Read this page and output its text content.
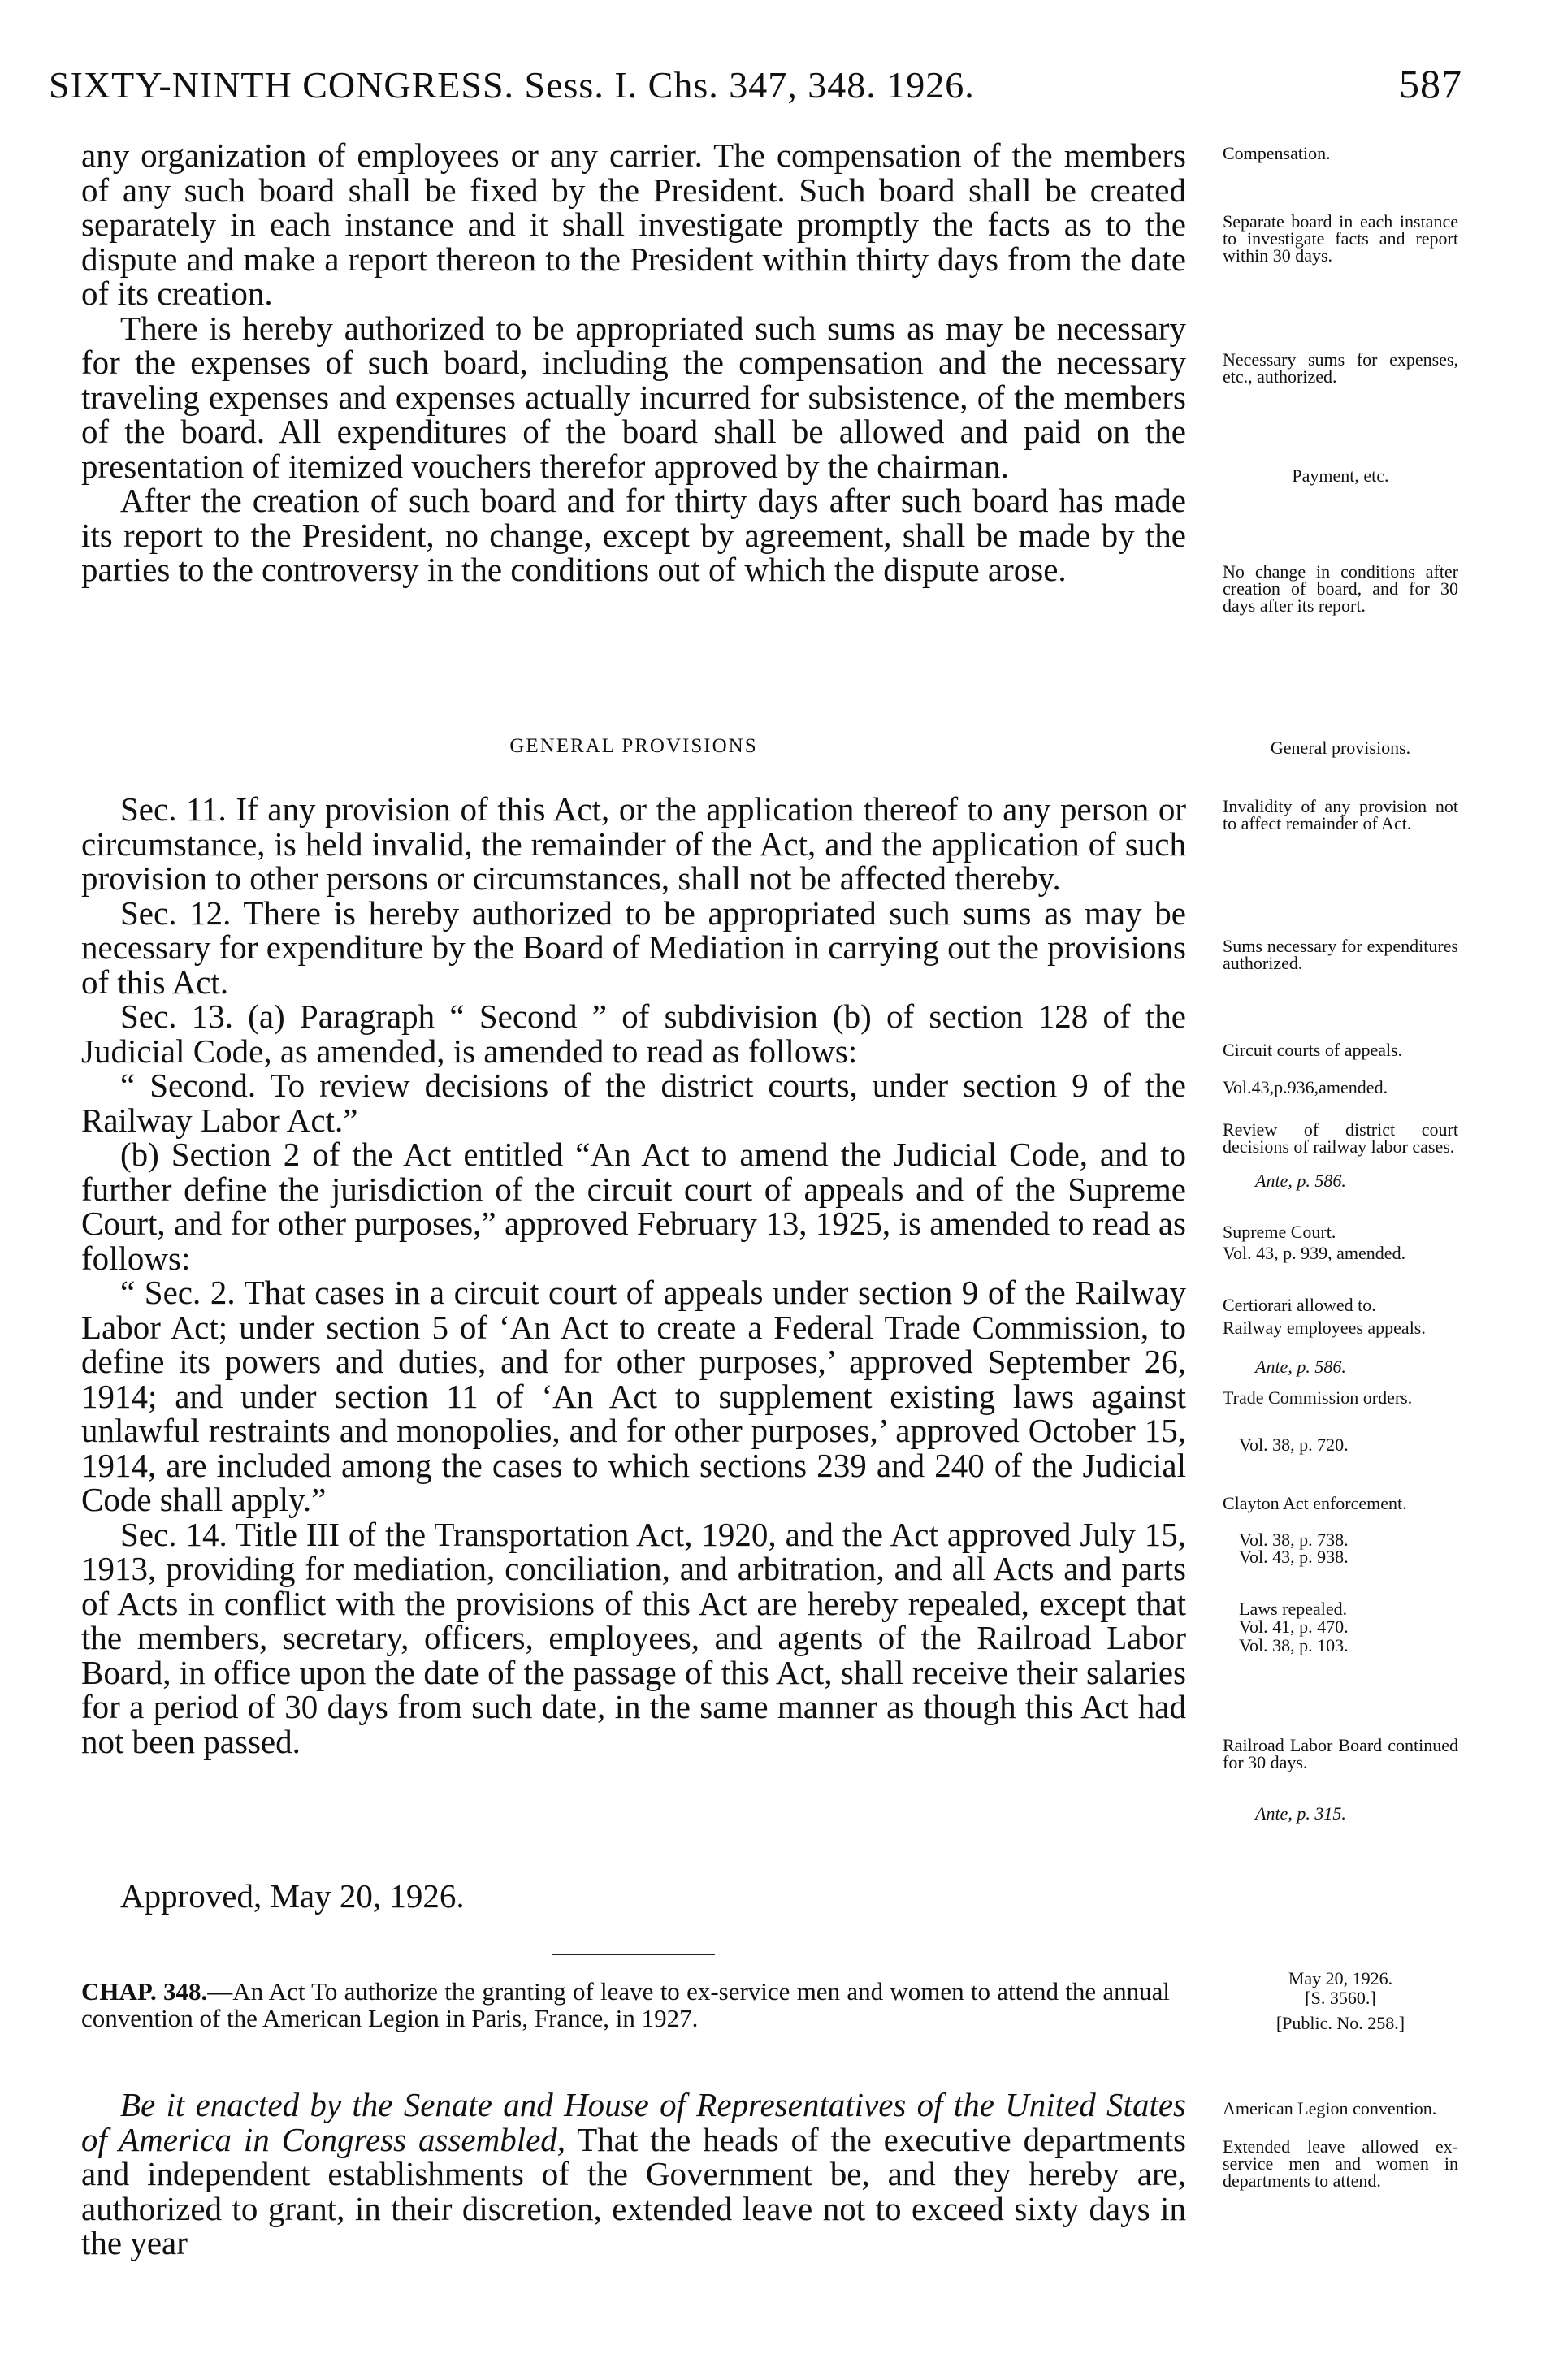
SIXTY-NINTH CONGRESS. Sess. I. Chs. 347, 348. 1926.	587

any organization of employees or any carrier. The compensation of the members of any such board shall be fixed by the President. Such board shall be created separately in each instance and it shall investigate promptly the facts as to the dispute and make a report thereon to the President within thirty days from the date of its creation.

There is hereby authorized to be appropriated such sums as may be necessary for the expenses of such board, including the compensation and the necessary traveling expenses and expenses actually incurred for subsistence, of the members of the board. All expenditures of the board shall be allowed and paid on the presentation of itemized vouchers therefor approved by the chairman.

After the creation of such board and for thirty days after such board has made its report to the President, no change, except by agreement, shall be made by the parties to the controversy in the conditions out of which the dispute arose.

GENERAL PROVISIONS

Sec. 11. If any provision of this Act, or the application thereof to any person or circumstance, is held invalid, the remainder of the Act, and the application of such provision to other persons or circumstances, shall not be affected thereby.

Sec. 12. There is hereby authorized to be appropriated such sums as may be necessary for expenditure by the Board of Mediation in carrying out the provisions of this Act.

Sec. 13. (a) Paragraph “ Second ” of subdivision (b) of section 128 of the Judicial Code, as amended, is amended to read as follows:

“ Second. To review decisions of the district courts, under section 9 of the Railway Labor Act.”

(b) Section 2 of the Act entitled “An Act to amend the Judicial Code, and to further define the jurisdiction of the circuit court of appeals and of the Supreme Court, and for other purposes,” approved February 13, 1925, is amended to read as follows:

“ Sec. 2. That cases in a circuit court of appeals under section 9 of the Railway Labor Act; under section 5 of ‘An Act to create a Federal Trade Commission, to define its powers and duties, and for other purposes,’ approved September 26, 1914; and under section 11 of ‘An Act to supplement existing laws against unlawful restraints and monopolies, and for other purposes,’ approved October 15, 1914, are included among the cases to which sections 239 and 240 of the Judicial Code shall apply.”

Sec. 14. Title III of the Transportation Act, 1920, and the Act approved July 15, 1913, providing for mediation, conciliation, and arbitration, and all Acts and parts of Acts in conflict with the provisions of this Act are hereby repealed, except that the members, secretary, officers, employees, and agents of the Railroad Labor Board, in office upon the date of the passage of this Act, shall receive their salaries for a period of 30 days from such date, in the same manner as though this Act had not been passed.

Approved, May 20, 1926.
CHAP. 348.—An Act To authorize the granting of leave to ex-service men and women to attend the annual convention of the American Legion in Paris, France, in 1927.
Be it enacted by the Senate and House of Representatives of the United States of America in Congress assembled, That the heads of the executive departments and independent establishments of the Government be, and they hereby are, authorized to grant, in their discretion, extended leave not to exceed sixty days in the year
Compensation.
Separate board in each instance to investigate facts and report within 30 days.
Necessary sums for expenses, etc., authorized.
Payment, etc.
No change in conditions after creation of board, and for 30 days after its report.
General provisions.
Invalidity of any provision not to affect remainder of Act.
Sums necessary for expenditures authorized.
Circuit courts of appeals.
Vol.43,p.936,amended.
Review of district court decisions of railway labor cases.
Ante, p. 586.
Supreme Court.
Vol. 43, p. 939, amended.
Certiorari allowed to.
Railway employees appeals.
Ante, p. 586.
Trade Commission orders.
Vol. 38, p. 720.
Clayton Act enforcement.
Vol. 38, p. 738.
Vol. 43, p. 938.
Laws repealed.
Vol. 41, p. 470.
Vol. 38, p. 103.
Railroad Labor Board continued for 30 days.
Ante, p. 315.
May 20, 1926.
[S. 3560.]
[Public. No. 258.]
American Legion convention.
Extended leave allowed ex-service men and women in departments to attend.
